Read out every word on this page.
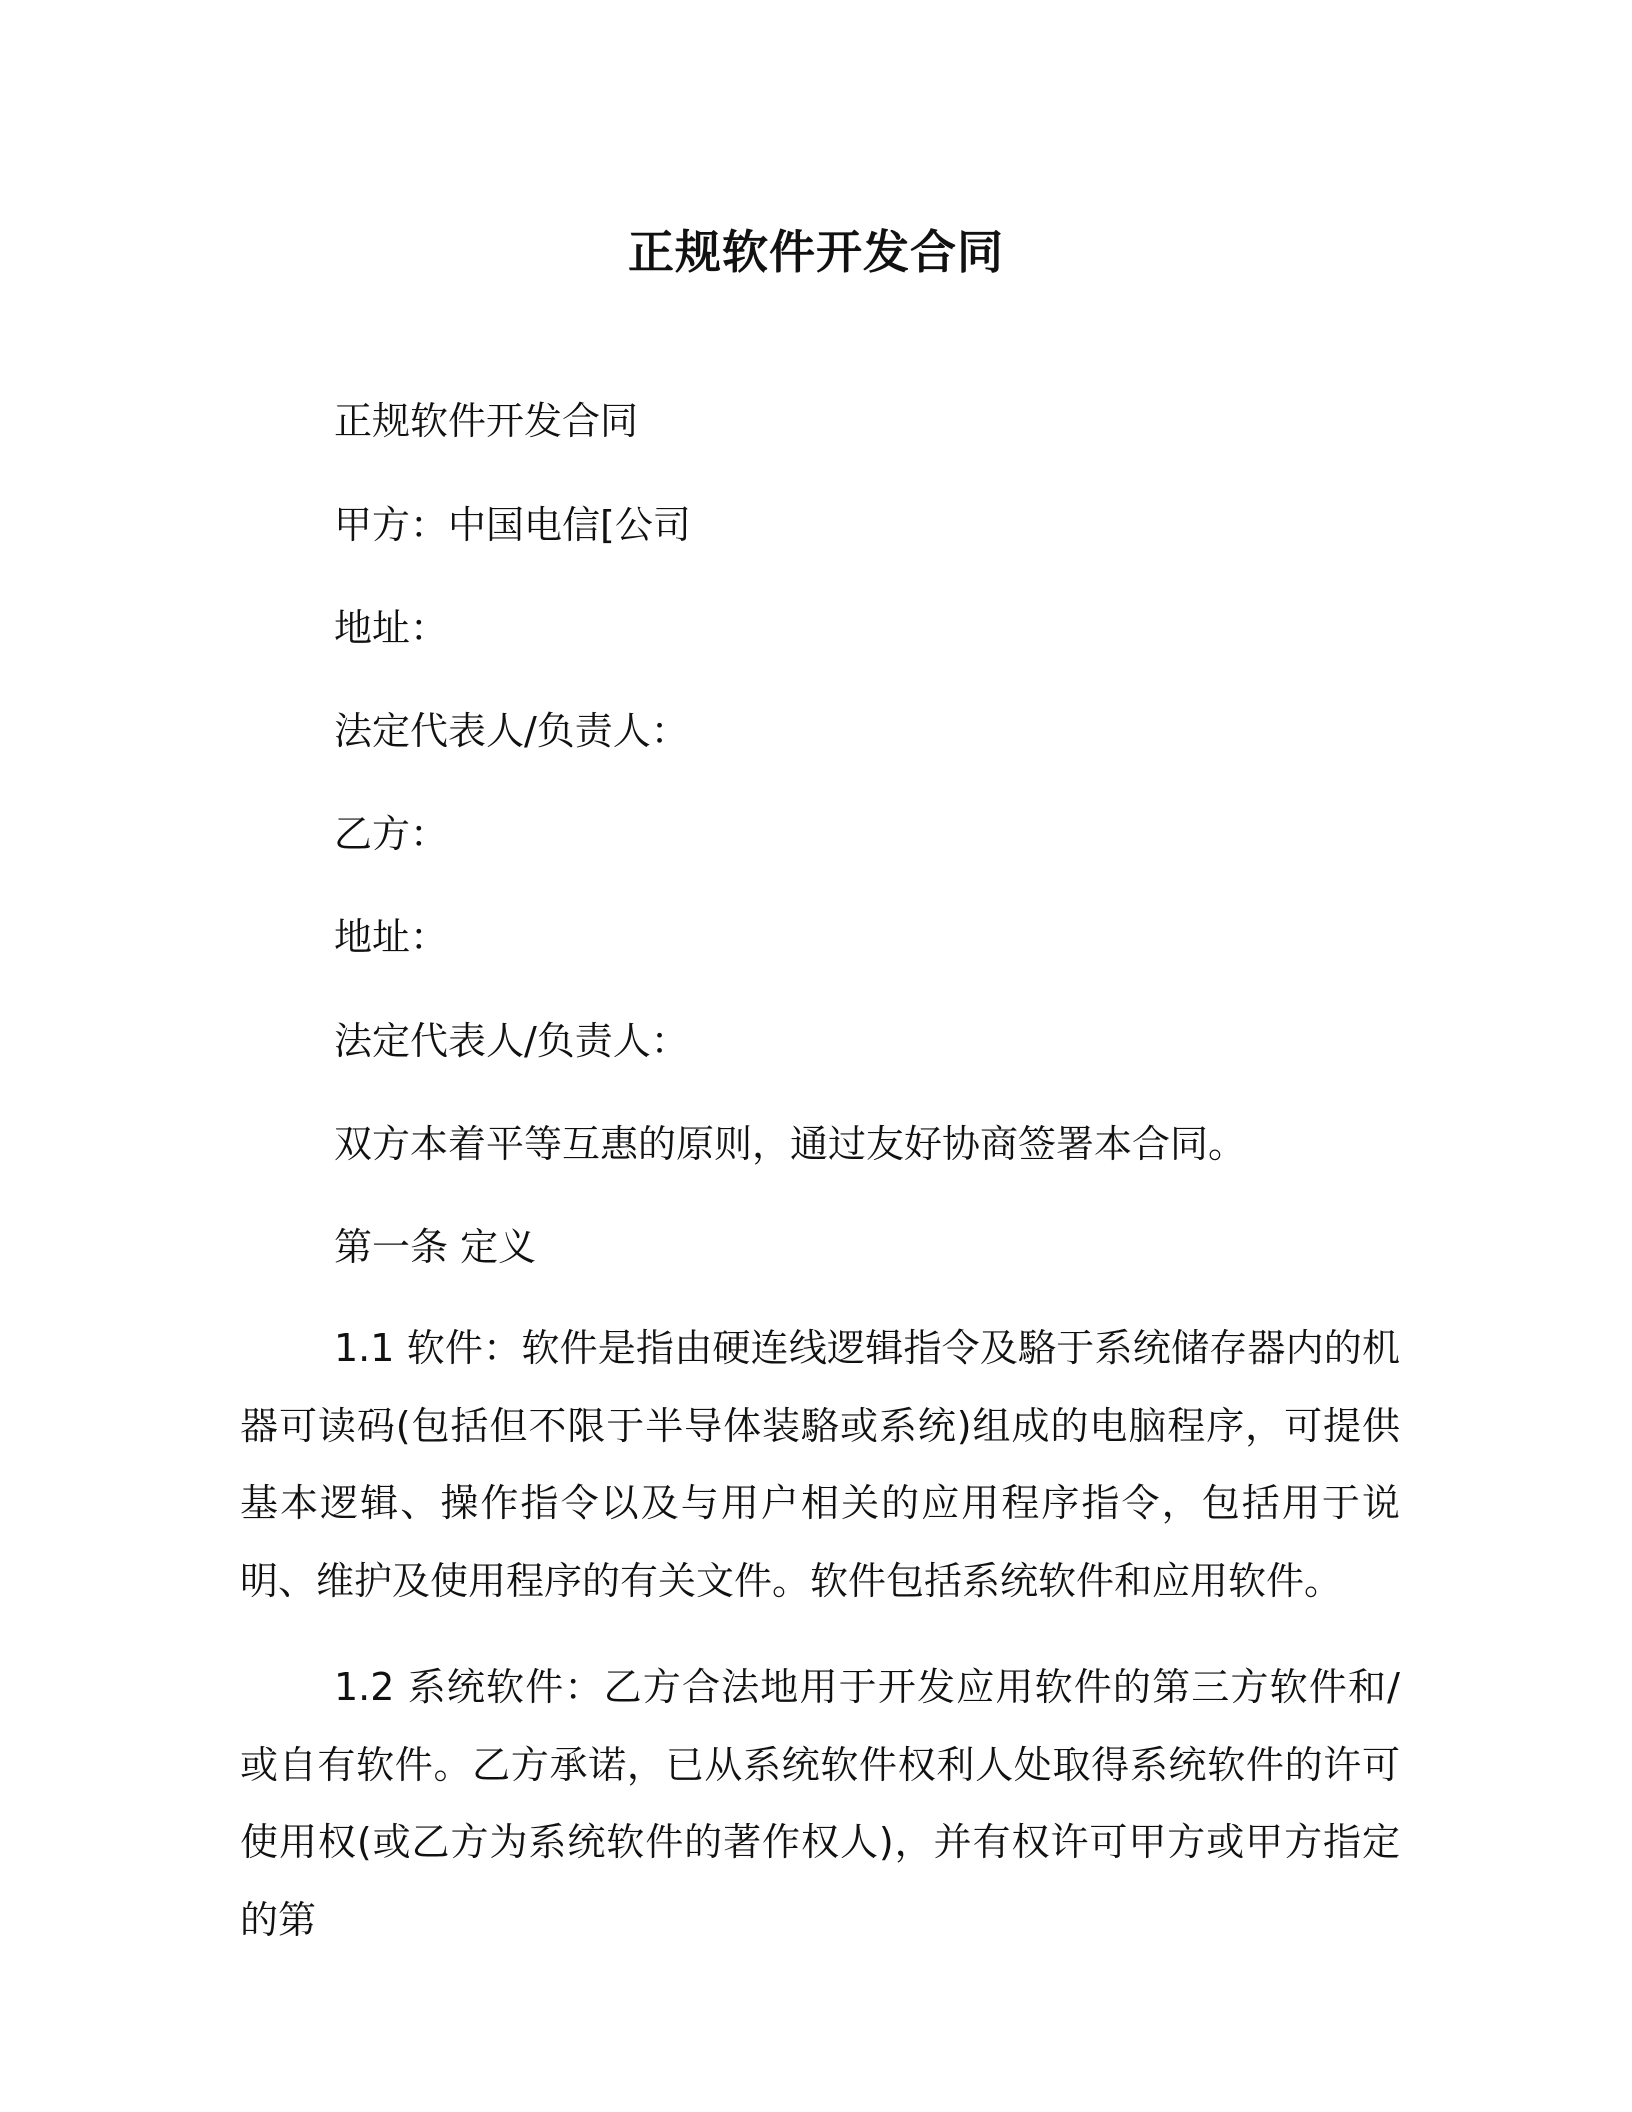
正规软件开发合同
正规软件开发合同
甲方：中国电信[公司
地址：
法定代表人/负责人：
乙方：
地址：
法定代表人/负责人：
双方本着平等互惠的原则，通过友好协商签署本合同。
第一条 定义

1.1 软件：软件是指由硬连线逻辑指令及駱于系统储存器内的机器可读码(包括但不限于半导体装駱或系统)组成的电脑程序，可提供基本逻辑、操作指令以及与用户相关的应用程序指令，包括用于说明、维护及使用程序的有关文件。软件包括系统软件和应用软件。

1.2 系统软件：乙方合法地用于开发应用软件的第三方软件和/或自有软件。乙方承诺，已从系统软件权利人处取得系统软件的许可使用权(或乙方为系统软件的著作权人)，并有权许可甲方或甲方指定的第
